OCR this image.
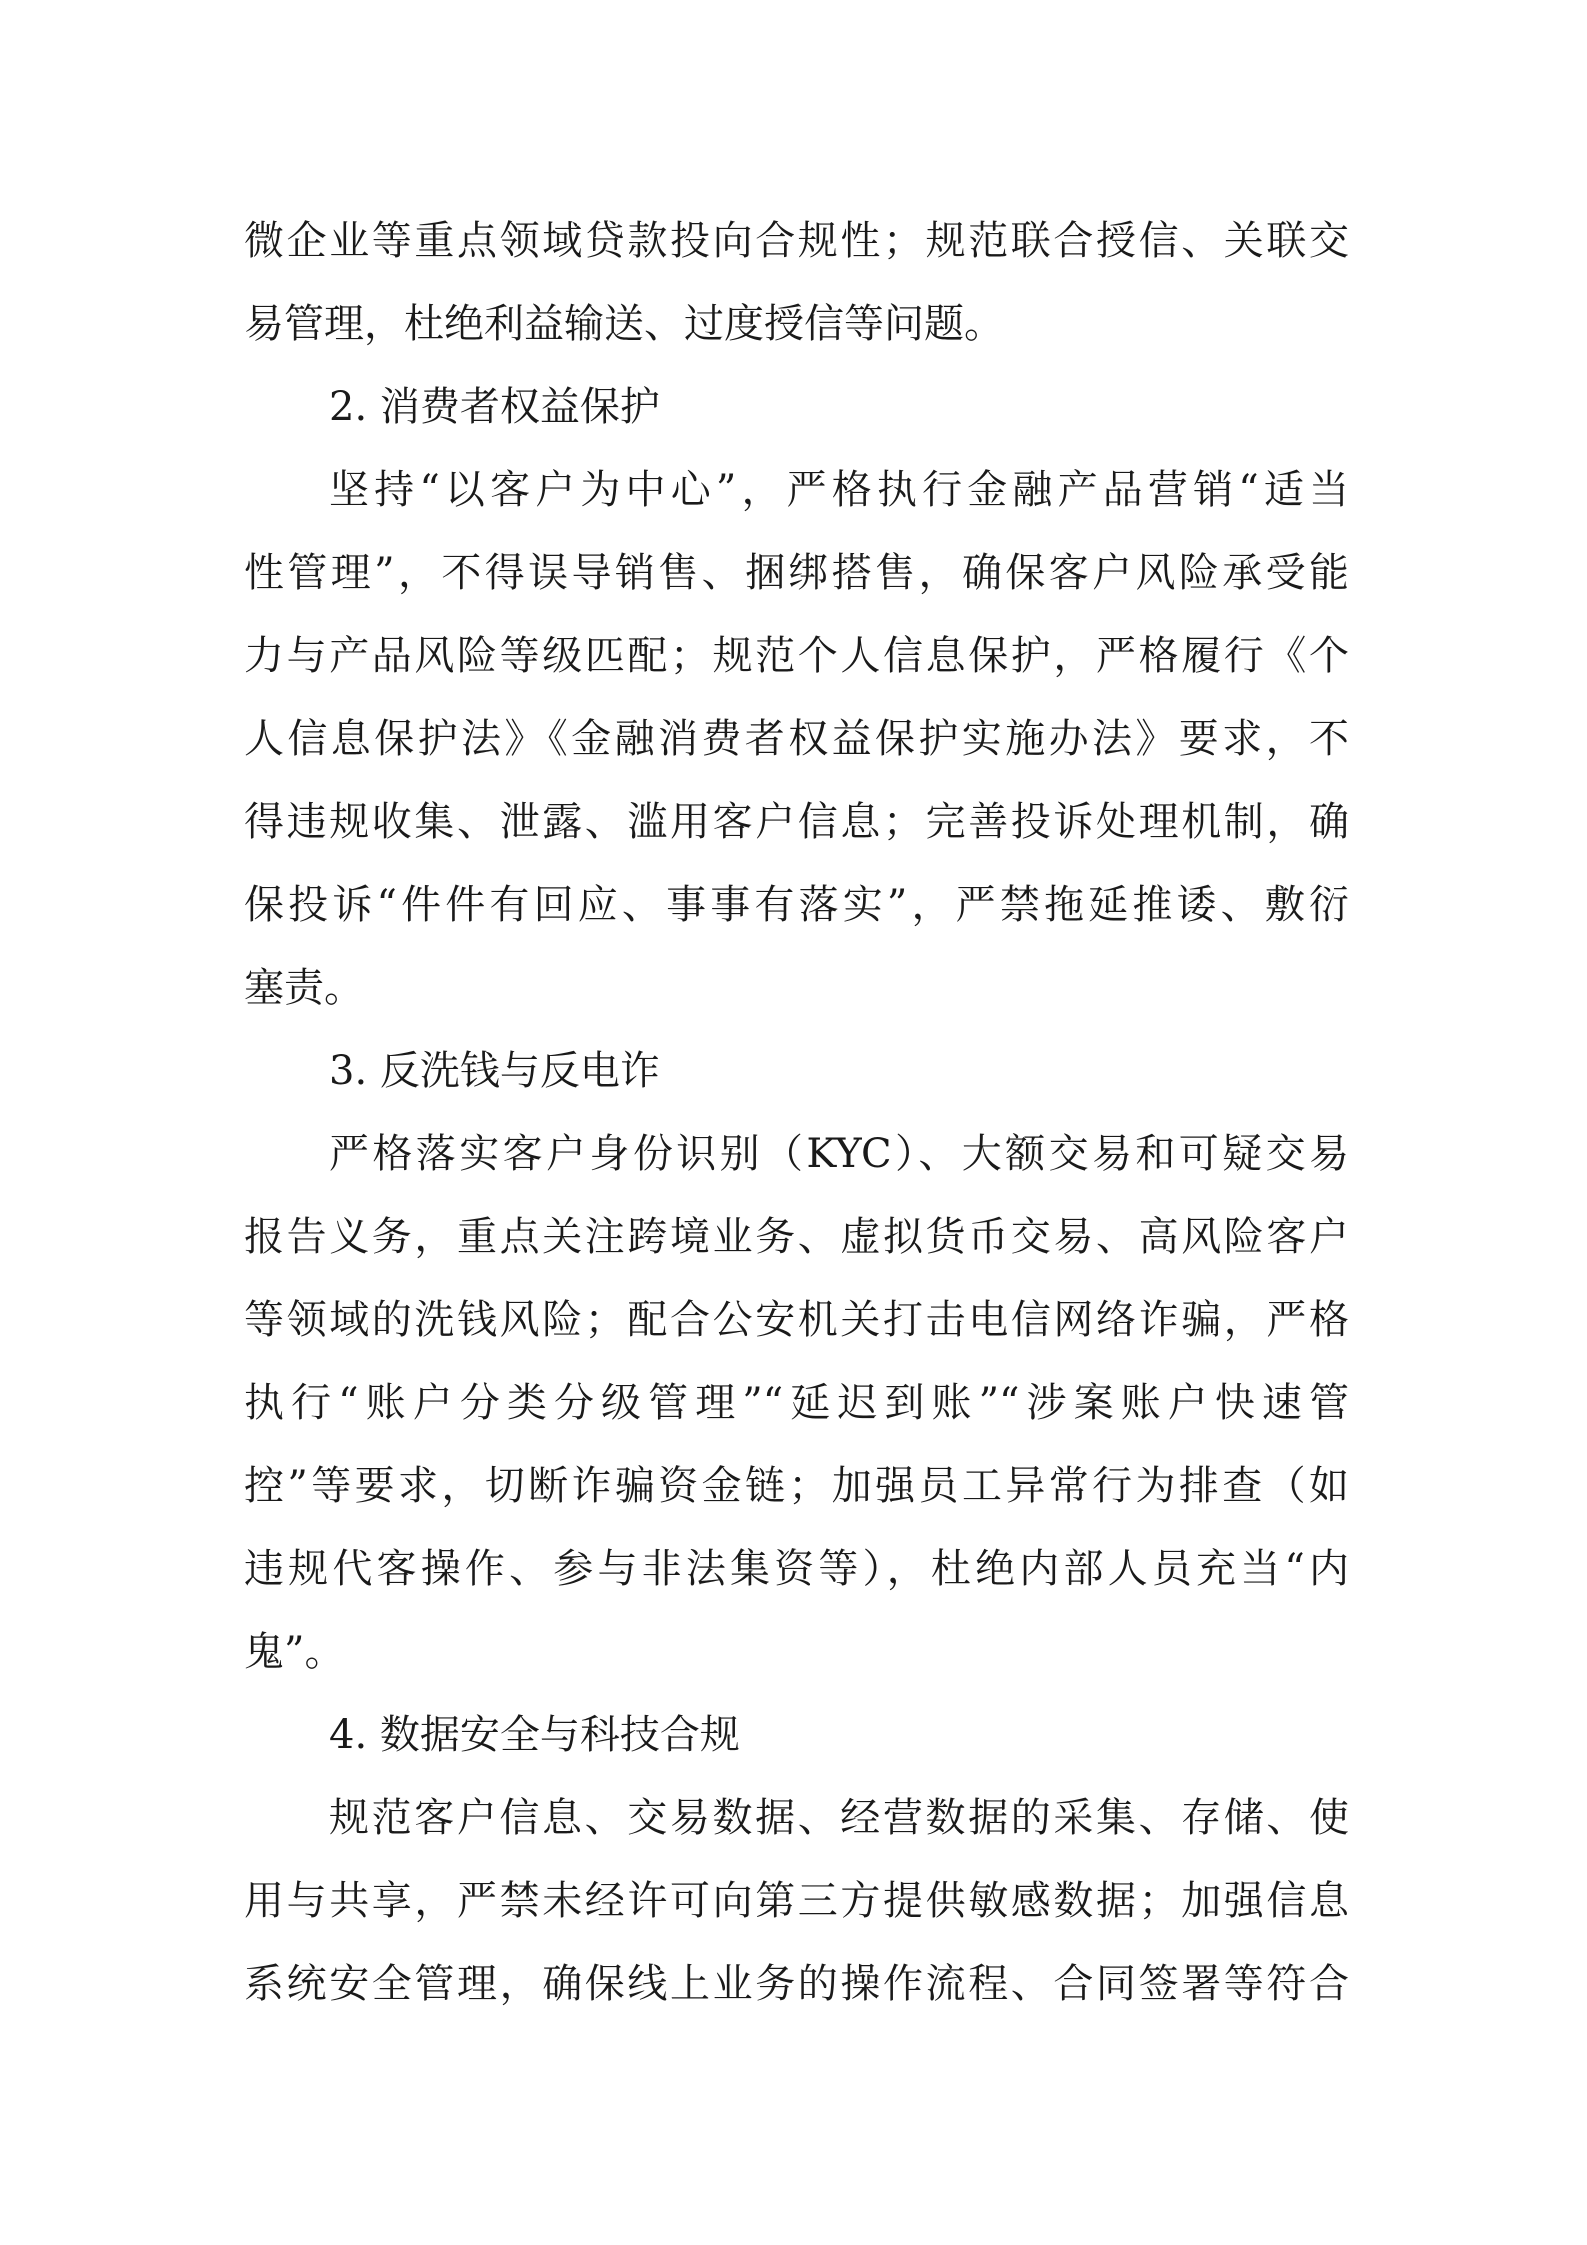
微企业等重点领域贷款投向合规性；规范联合授信、关联交
易管理，杜绝利益输送、过度授信等问题。
2. 消费者权益保护
坚持“以客户为中心”，严格执行金融产品营销“适当
性管理”，不得误导销售、捆绑搭售，确保客户风险承受能
力与产品风险等级匹配；规范个人信息保护，严格履行《个
人信息保护法》《金融消费者权益保护实施办法》要求，不
得违规收集、泄露、滥用客户信息；完善投诉处理机制，确
保投诉“件件有回应、事事有落实”，严禁拖延推诿、敷衍
塞责。
3. 反洗钱与反电诈
严格落实客户身份识别（KYC）、大额交易和可疑交易
报告义务，重点关注跨境业务、虚拟货币交易、高风险客户
等领域的洗钱风险；配合公安机关打击电信网络诈骗，严格
执行“账户分类分级管理”“延迟到账”“涉案账户快速管
控”等要求，切断诈骗资金链；加强员工异常行为排查（如
违规代客操作、参与非法集资等），杜绝内部人员充当“内
鬼”。
4. 数据安全与科技合规
规范客户信息、交易数据、经营数据的采集、存储、使
用与共享，严禁未经许可向第三方提供敏感数据；加强信息
系统安全管理，确保线上业务的操作流程、合同签署等符合
